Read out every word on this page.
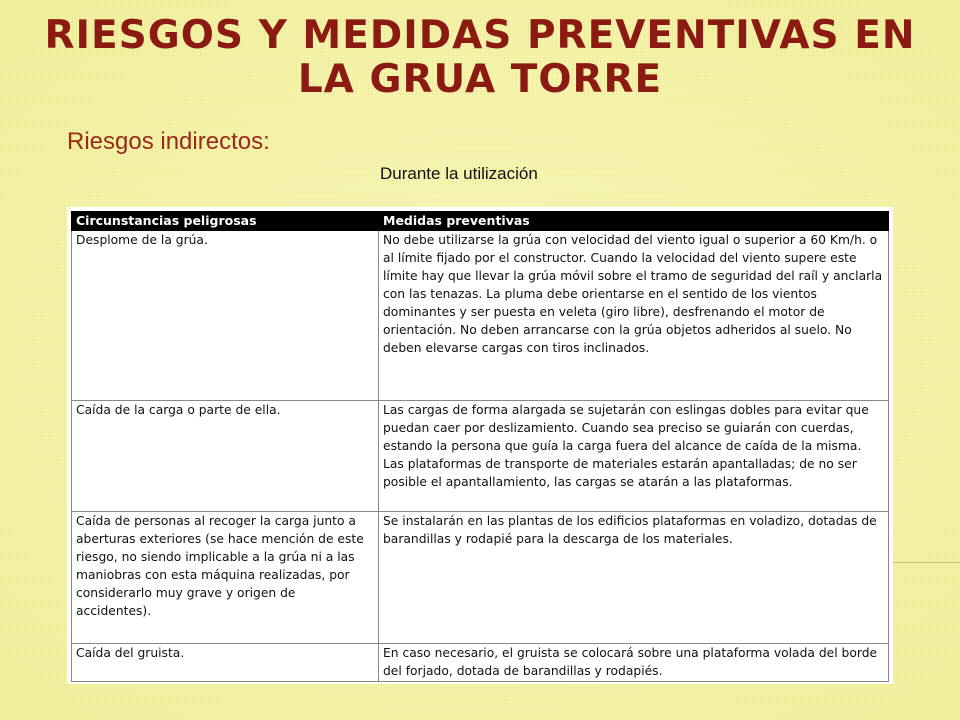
RIESGOS Y MEDIDAS PREVENTIVAS EN LA GRUA TORRE

Riesgos indirectos:

Durante la utilización

Circunstancias peligrosas	Medidas preventivas
Desplome de la grúa.	No debe utilizarse la grúa con velocidad del viento igual o superior a 60 Km/h. o al límite fijado por el constructor. Cuando la velocidad del viento supere este límite hay que llevar la grúa móvil sobre el tramo de seguridad del raíl y anclarla con las tenazas. La pluma debe orientarse en el sentido de los vientos dominantes y ser puesta en veleta (giro libre), desfrenando el motor de orientación. No deben arrancarse con la grúa objetos adheridos al suelo. No deben elevarse cargas con tiros inclinados.
Caída de la carga o parte de ella.	Las cargas de forma alargada se sujetarán con eslingas dobles para evitar que puedan caer por deslizamiento. Cuando sea preciso se guiarán con cuerdas, estando la persona que guía la carga fuera del alcance de caída de la misma. Las plataformas de transporte de materiales estarán apantalladas; de no ser posible el apantallamiento, las cargas se atarán a las plataformas.
Caída de personas al recoger la carga junto a aberturas exteriores (se hace mención de este riesgo, no siendo implicable a la grúa ni a las maniobras con esta máquina realizadas, por considerarlo muy grave y origen de accidentes).	Se instalarán en las plantas de los edificios plataformas en voladizo, dotadas de barandillas y rodapié para la descarga de los materiales.
Caída del gruista.	En caso necesario, el gruista se colocará sobre una plataforma volada del borde del forjado, dotada de barandillas y rodapiés.
